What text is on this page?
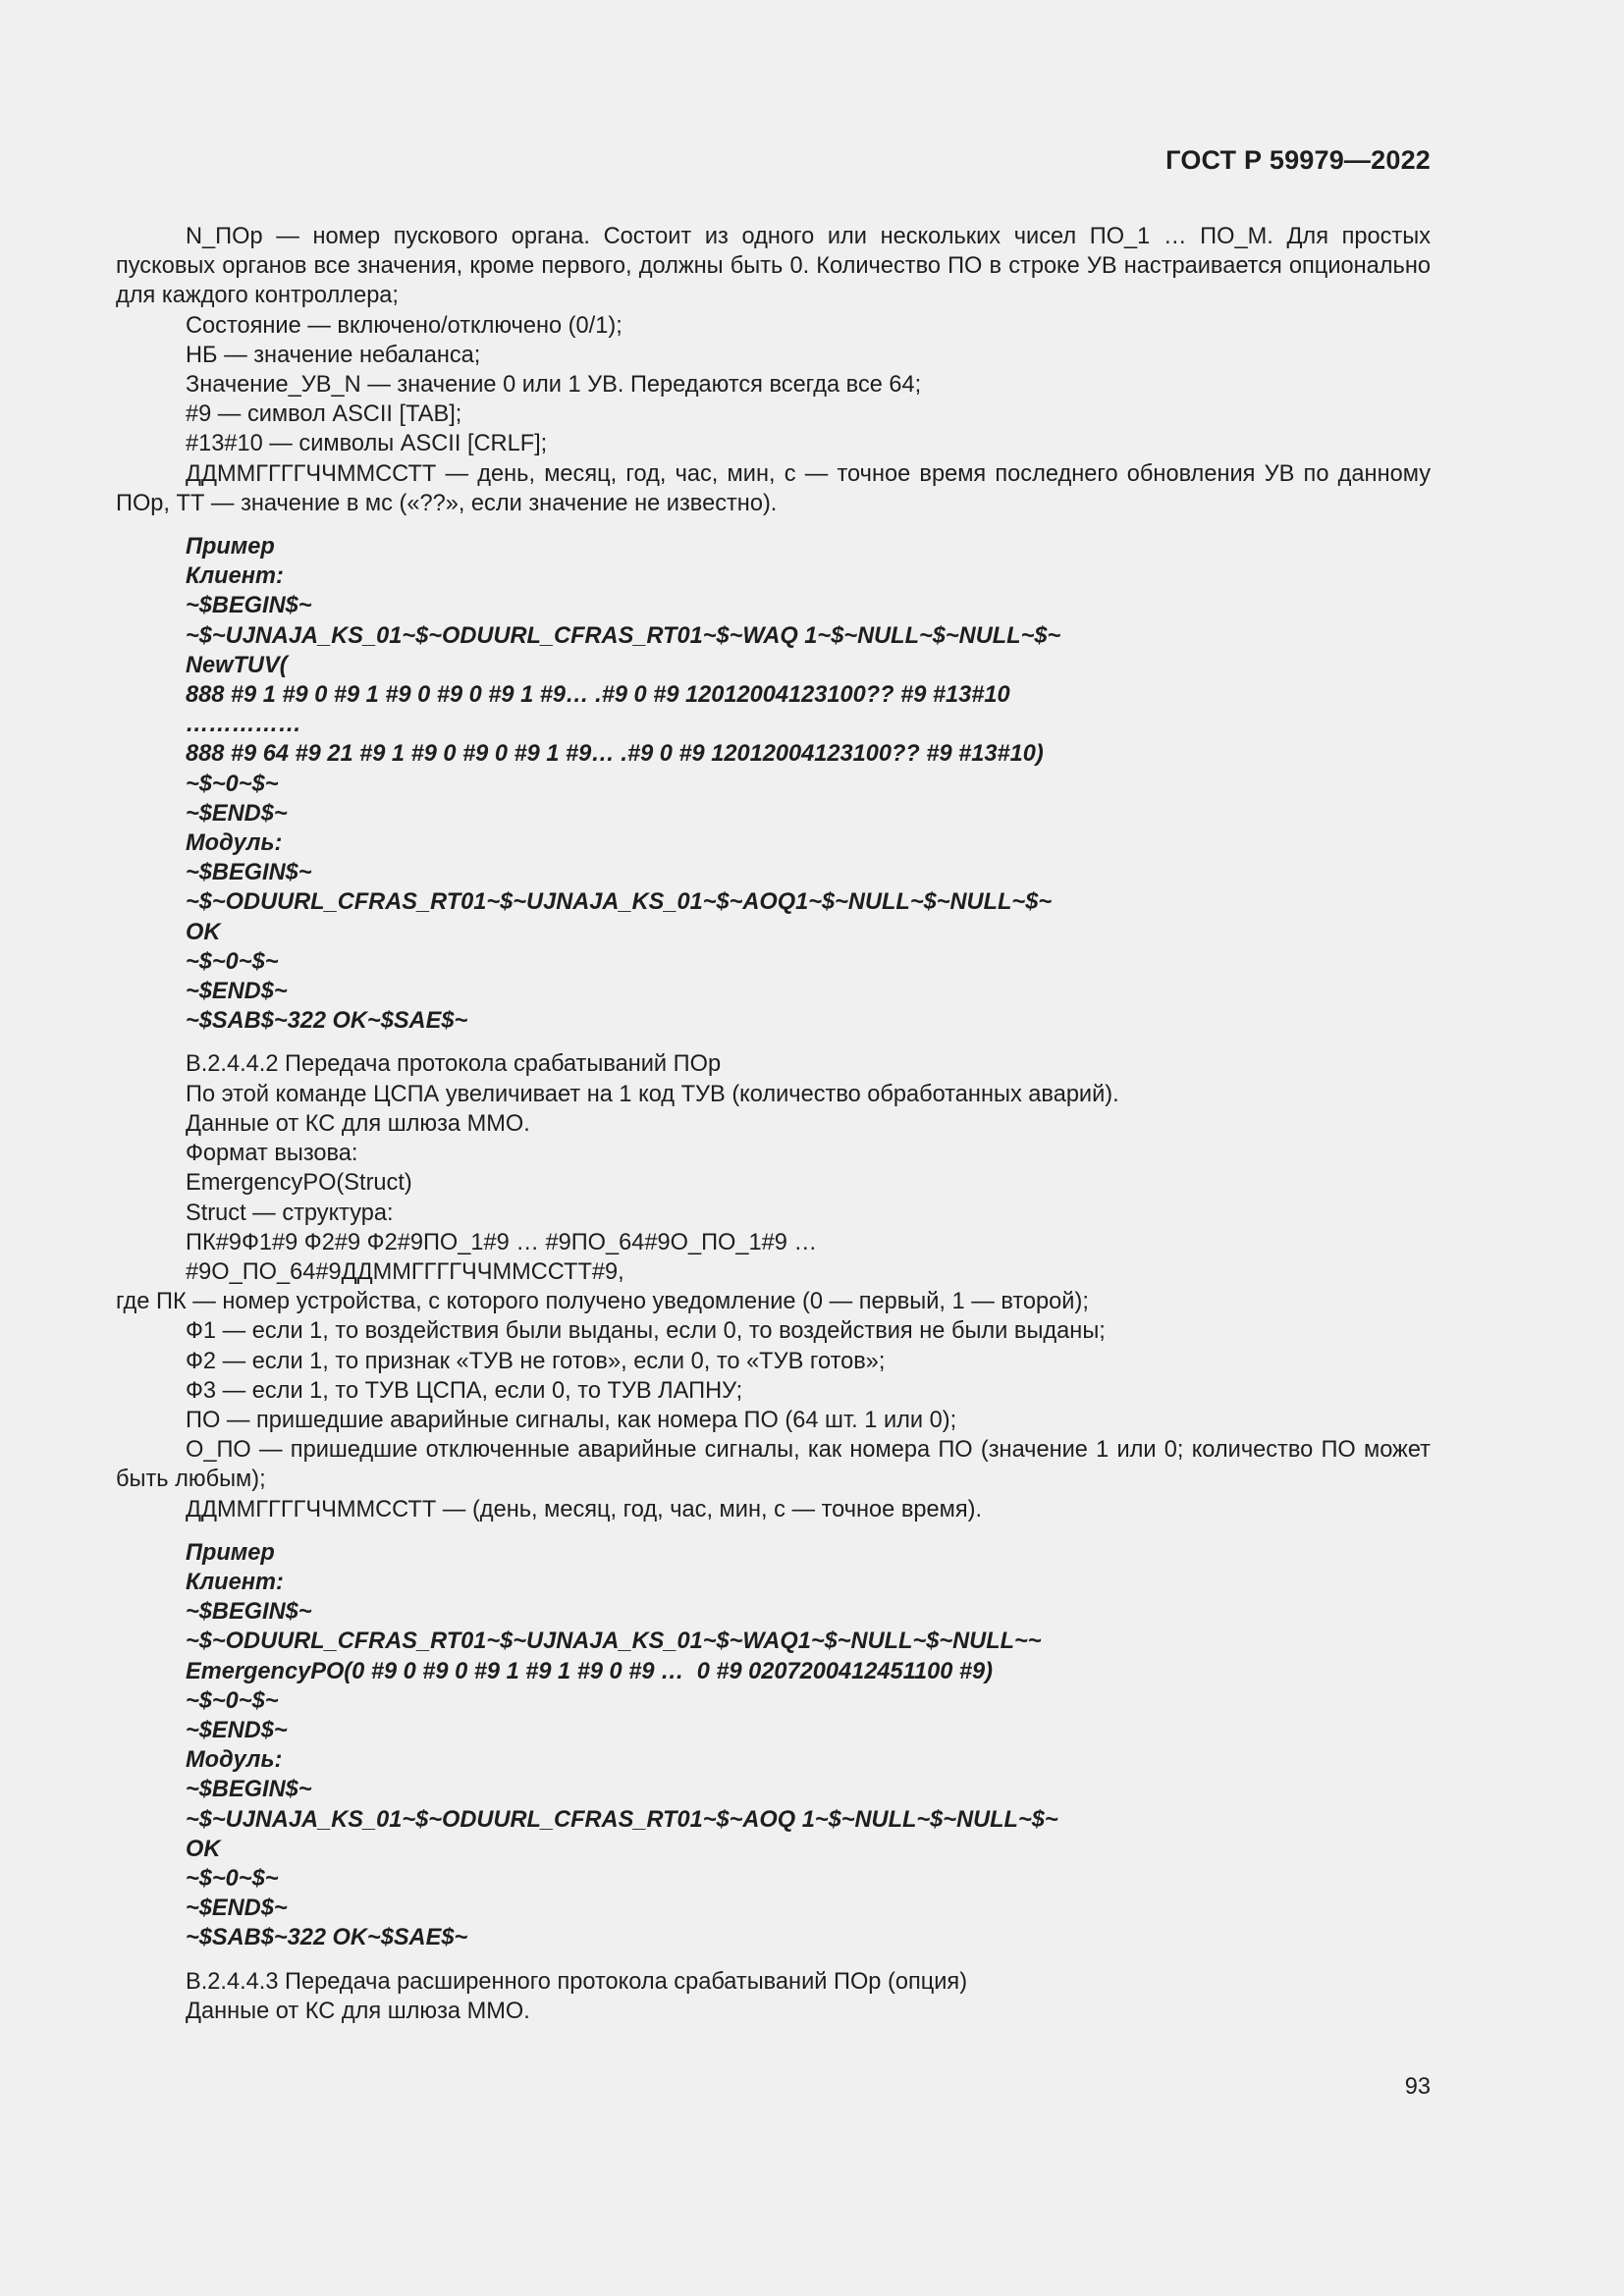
ГОСТ Р 59979—2022

N_ПОр — номер пускового органа. Состоит из одного или нескольких чисел ПО_1 … ПО_М. Для простых пусковых органов все значения, кроме первого, должны быть 0. Количество ПО в строке УВ настраивается опционально для каждого контроллера;

Состояние — включено/отключено (0/1);
НБ — значение небаланса;
Значение_УВ_N — значение 0 или 1 УВ. Передаются всегда все 64;
#9 — символ ASCII [TAB];
#13#10 — символы ASCII [CRLF];

ДДММГГГГЧЧММССТТ — день, месяц, год, час, мин, с — точное время последнего обновления УВ по данному ПОр, ТТ — значение в мс («??», если значение не известно).

Пример
Клиент:
~$BEGIN$~
~$~UJNAJA_KS_01~$~ODUURL_CFRAS_RT01~$~WAQ 1~$~NULL~$~NULL~$~
NewTUV(
888 #9 1 #9 0 #9 1 #9 0 #9 0 #9 1 #9… .#9 0 #9 12012004123100?? #9 #13#10
……………
888 #9 64 #9 21 #9 1 #9 0 #9 0 #9 1 #9… .#9 0 #9 12012004123100?? #9 #13#10)
~$~0~$~
~$END$~
Модуль:
~$BEGIN$~
~$~ODUURL_CFRAS_RT01~$~UJNAJA_KS_01~$~AOQ1~$~NULL~$~NULL~$~
OK
~$~0~$~
~$END$~
~$SAB$~322 OK~$SAE$~
В.2.4.4.2 Передача протокола срабатываний ПОр
По этой команде ЦСПА увеличивает на 1 код ТУВ (количество обработанных аварий).
Данные от КС для шлюза ММО.
Формат вызова:
EmergencyPO(Struct)
Struct — структура:
ПК#9Ф1#9 Ф2#9 Ф2#9ПО_1#9 … #9ПО_64#9О_ПО_1#9 …
#9О_ПО_64#9ДДММГГГГЧЧММССТТ#9,

где ПК — номер устройства, с которого получено уведомление (0 — первый, 1 — второй);

Ф1 — если 1, то воздействия были выданы, если 0, то воздействия не были выданы;
Ф2 — если 1, то признак «ТУВ не готов», если 0, то «ТУВ готов»;
Ф3 — если 1, то ТУВ ЦСПА, если 0, то ТУВ ЛАПНУ;
ПО — пришедшие аварийные сигналы, как номера ПО (64 шт. 1 или 0);

О_ПО — пришедшие отключенные аварийные сигналы, как номера ПО (значение 1 или 0; количество ПО может быть любым);

ДДММГГГГЧЧММССТТ — (день, месяц, год, час, мин, с — точное время).
Пример
Клиент:
~$BEGIN$~
~$~ODUURL_CFRAS_RT01~$~UJNAJA_KS_01~$~WAQ1~$~NULL~$~NULL~~
EmergencyPO(0 #9 0 #9 0 #9 1 #9 1 #9 0 #9 …  0 #9 0207200412451100 #9)
~$~0~$~
~$END$~
Модуль:
~$BEGIN$~
~$~UJNAJA_KS_01~$~ODUURL_CFRAS_RT01~$~AOQ 1~$~NULL~$~NULL~$~
OK
~$~0~$~
~$END$~
~$SAB$~322 OK~$SAE$~
В.2.4.4.3 Передача расширенного протокола срабатываний ПОр (опция)
Данные от КС для шлюза ММО.
93
